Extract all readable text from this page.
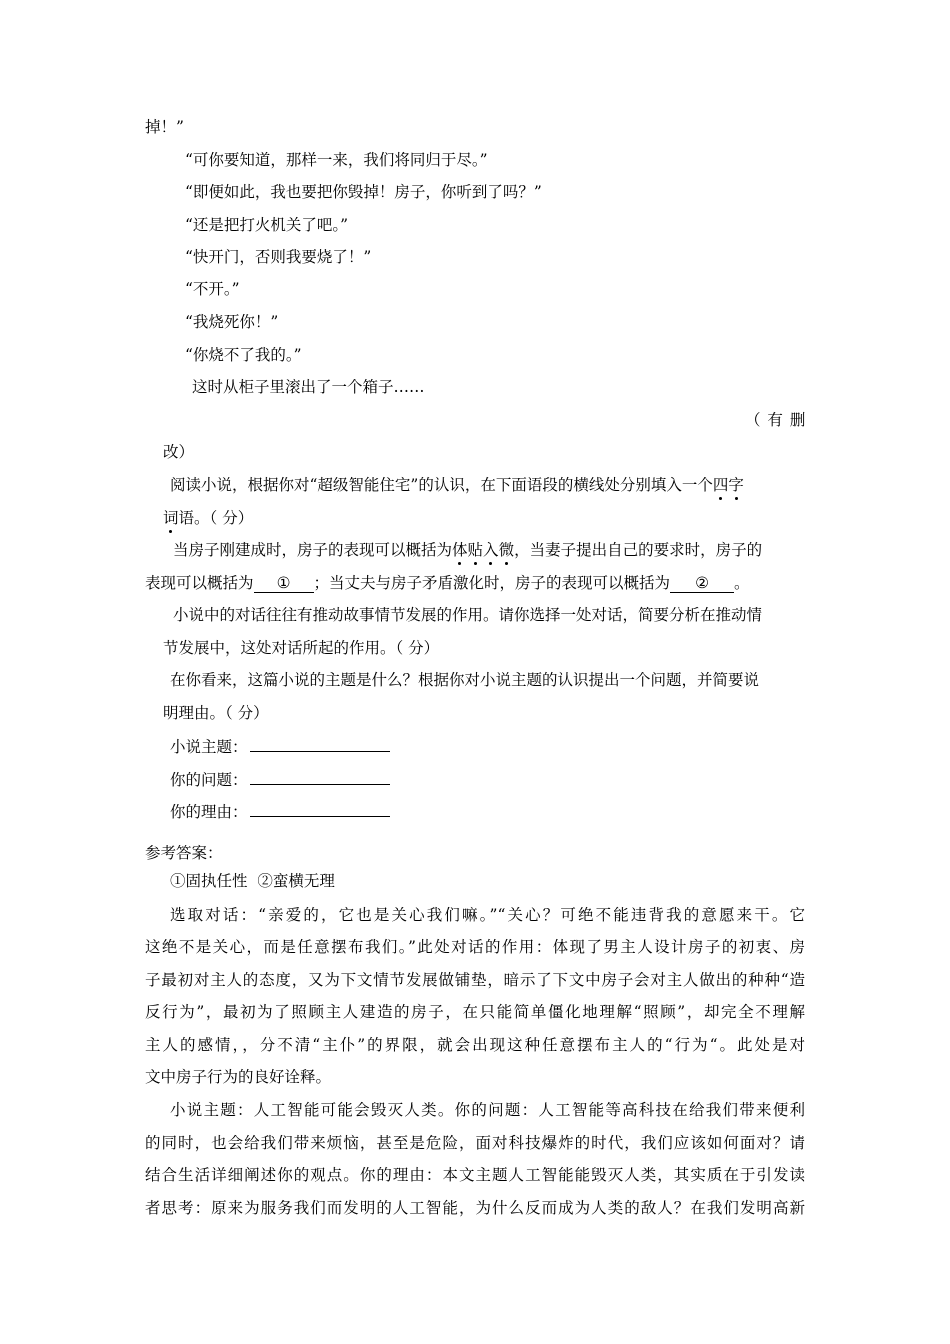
掉！”
“可你要知道，那样一来，我们将同归于尽。”
“即便如此，我也要把你毁掉！房子，你听到了吗？”
“还是把打火机关了吧。”
“快开门，否则我要烧了！”
“不开。”
“我烧死你！”
“你烧不了我的。”
这时从柜子里滚出了一个箱子……
（ 有 删
改）
阅读小说，根据你对“超级智能住宅”的认识，在下面语段的横线处分别填入一个四字
词语。（ 分）
当房子刚建成时，房子的表现可以概括为体贴入微，当妻子提出自己的要求时，房子的
表现可以概括为 ① ；当丈夫与房子矛盾激化时，房子的表现可以概括为 ② 。
小说中的对话往往有推动故事情节发展的作用。请你选择一处对话，简要分析在推动情
节发展中，这处对话所起的作用。（ 分）
在你看来，这篇小说的主题是什么？根据你对小说主题的认识提出一个问题，并简要说
明理由。（ 分）
小说主题：
你的问题：
你的理由：
参考答案：
①固执任性  ②蛮横无理
选取对话：“亲爱的，它也是关心我们嘛。”“关心？可绝不能违背我的意愿来干。它
这绝不是关心，而是任意摆布我们。”此处对话的作用：体现了男主人设计房子的初衷、房
子最初对主人的态度，又为下文情节发展做铺垫，暗示了下文中房子会对主人做出的种种“造
反行为”，最初为了照顾主人建造的房子，在只能简单僵化地理解“照顾”，却完全不理解
主人的感情，，分不清“主仆”的界限，就会出现这种任意摆布主人的“行为“。此处是对
文中房子行为的良好诠释。
小说主题：人工智能可能会毁灭人类。你的问题：人工智能等高科技在给我们带来便利
的同时，也会给我们带来烦恼，甚至是危险，面对科技爆炸的时代，我们应该如何面对？请
结合生活详细阐述你的观点。你的理由：本文主题人工智能能毁灭人类，其实质在于引发读
者思考：原来为服务我们而发明的人工智能，为什么反而成为人类的敌人？在我们发明高新
